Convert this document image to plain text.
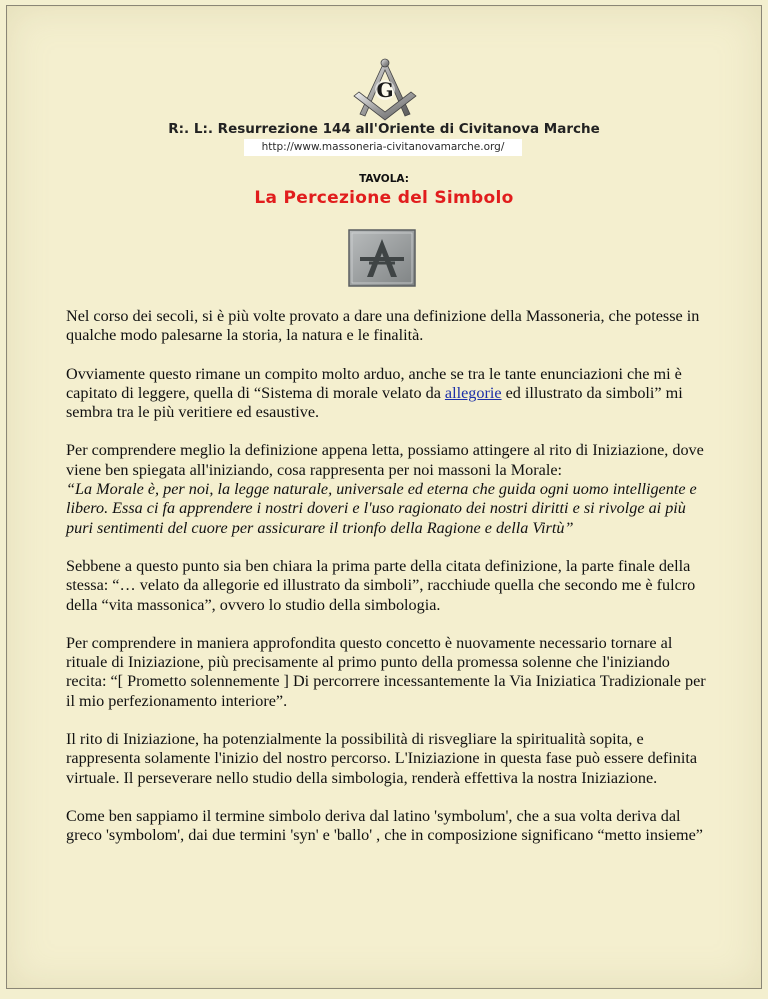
G
R:. L:. Resurrezione 144 all'Oriente di Civitanova Marche
http://www.massoneria-civitanovamarche.org/
TAVOLA:
La Percezione del Simbolo

Nel corso dei secoli, si è più volte provato a dare una definizione della Massoneria, che potesse in qualche modo palesarne la storia, la natura e le finalità.

Ovviamente questo rimane un compito molto arduo, anche se tra le tante enunciazioni che mi è capitato di leggere, quella di “Sistema di morale velato da allegorie ed illustrato da simboli” mi sembra tra le più veritiere ed esaustive.

Per comprendere meglio la definizione appena letta, possiamo attingere al rito di Iniziazione, dove viene ben spiegata all'iniziando, cosa rappresenta per noi massoni la Morale:
“La Morale è, per noi, la legge naturale, universale ed eterna che guida ogni uomo intelligente e libero. Essa ci fa apprendere i nostri doveri e l'uso ragionato dei nostri diritti e si rivolge ai più puri sentimenti del cuore per assicurare il trionfo della Ragione e della Virtù”

Sebbene a questo punto sia ben chiara la prima parte della citata definizione, la parte finale della stessa: “… velato da allegorie ed illustrato da simboli”, racchiude quella che secondo me è fulcro della “vita massonica”, ovvero lo studio della simbologia.

Per comprendere in maniera approfondita questo concetto è nuovamente necessario tornare al rituale di Iniziazione, più precisamente al primo punto della promessa solenne che l'iniziando recita: “[ Prometto solennemente ] Di percorrere incessantemente la Via Iniziatica Tradizionale per il mio perfezionamento interiore”.

Il rito di Iniziazione, ha potenzialmente la possibilità di risvegliare la spiritualità sopita, e rappresenta solamente l'inizio del nostro percorso. L'Iniziazione in questa fase può essere definita virtuale. Il perseverare nello studio della simbologia, renderà effettiva la nostra Iniziazione.

Come ben sappiamo il termine simbolo deriva dal latino 'symbolum', che a sua volta deriva dal greco 'symbolom', dai due termini 'syn' e 'ballo' , che in composizione significano “metto insieme”
